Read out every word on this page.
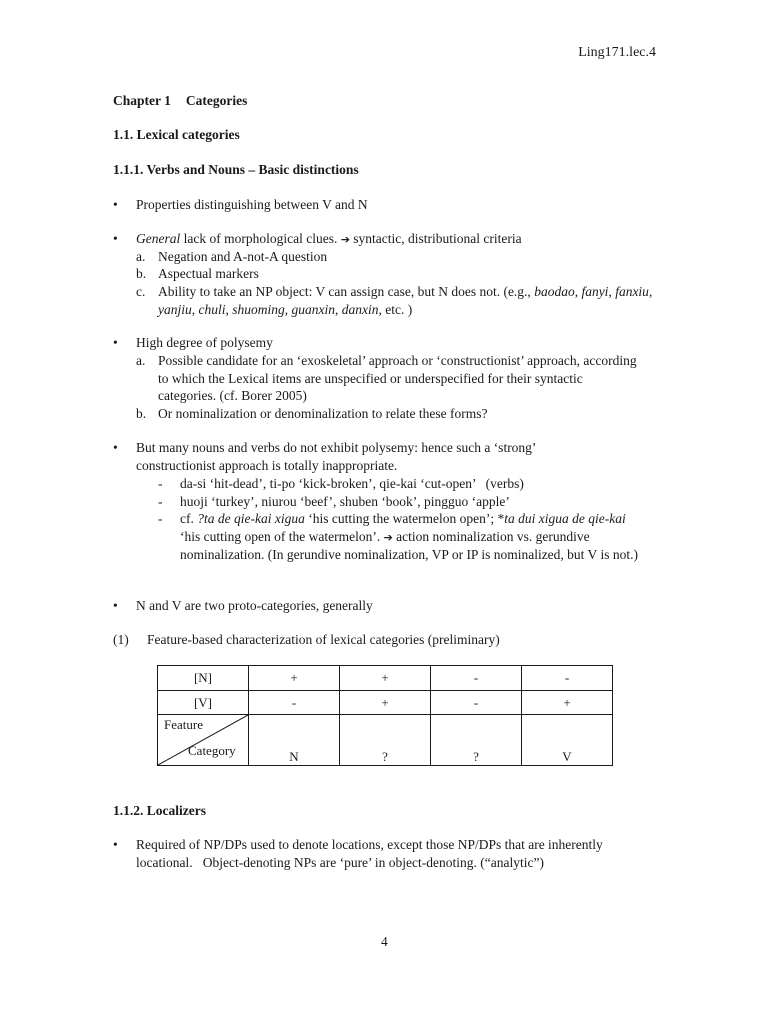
Ling171.lec.4
Chapter 1 Categories
1.1. Lexical categories
1.1.1. Verbs and Nouns – Basic distinctions
•	Properties distinguishing between V and N
•	General lack of morphological clues. ➔ syntactic, distributional criteria
a. Negation and A-not-A question
b. Aspectual markers
c. Ability to take an NP object: V can assign case, but N does not. (e.g., baodao, fanyi, fanxiu, yanjiu, chuli, shuoming, guanxin, danxin, etc. )
•	High degree of polysemy
a. Possible candidate for an ‘exoskeletal’ approach or ‘constructionist’ approach, according to which the Lexical items are unspecified or underspecified for their syntactic categories. (cf. Borer 2005)
b. Or nominalization or denominalization to relate these forms?
•	But many nouns and verbs do not exhibit polysemy: hence such a ‘strong’ constructionist approach is totally inappropriate.
- da-si ‘hit-dead’, ti-po ‘kick-broken’, qie-kai ‘cut-open’   (verbs)
- huoji ‘turkey’, niurou ‘beef’, shuben ‘book’, pingguo ‘apple’
- cf. ?ta de qie-kai xigua ‘his cutting the watermelon open’; *ta dui xigua de qie-kai ‘his cutting open of the watermelon’. ➔ action nominalization vs. gerundive nominalization. (In gerundive nominalization, VP or IP is nominalized, but V is not.)
•	N and V are two proto-categories, generally
(1) Feature-based characterization of lexical categories (preliminary)
[N]	+	+	-	-
[V]	-	+	-	+

Feature
Category	N	?	?	V
1.1.2. Localizers
•	Required of NP/DPs used to denote locations, except those NP/DPs that are inherently locational.   Object-denoting NPs are ‘pure’ in object-denoting. (“analytic”)
4
